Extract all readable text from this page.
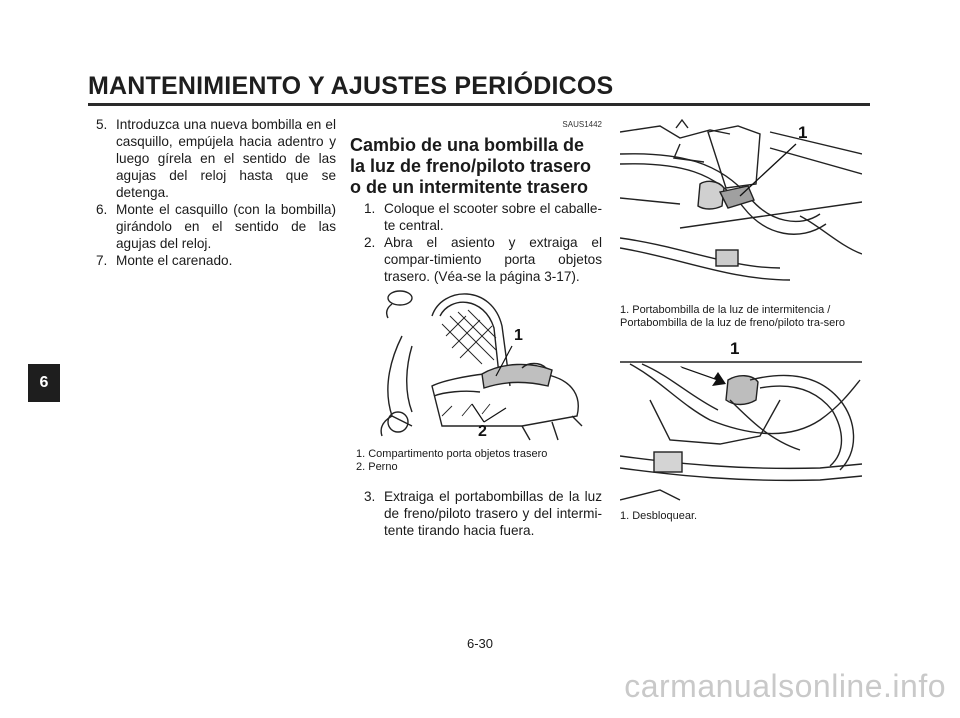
MANTENIMIENTO Y AJUSTES PERIÓDICOS
6
5. Introduzca una nueva bombilla en el casquillo, empújela hacia adentro y luego gírela en el sentido de las agujas del reloj hasta que se detenga.
6. Monte el casquillo (con la bombilla) girándolo en el sentido de las agujas del reloj.
7. Monte el carenado.
SAUS1442
Cambio de una bombilla de la luz de freno/piloto trasero o de un intermitente trasero
1. Coloque el scooter sobre el caballe-te central.
2. Abra el asiento y extraiga el compar-timiento porta objetos trasero. (Véa-se la página 3-17).
1
2
1. Compartimento porta objetos trasero
2. Perno
3. Extraiga el portabombillas de la luz de freno/piloto trasero y del intermi-tente tirando hacia fuera.
1
1. Portabombilla de la luz de intermitencia / Portabombilla de la luz de freno/piloto tra-sero
1
1. Desbloquear.
6-30
carmanualsonline.info
